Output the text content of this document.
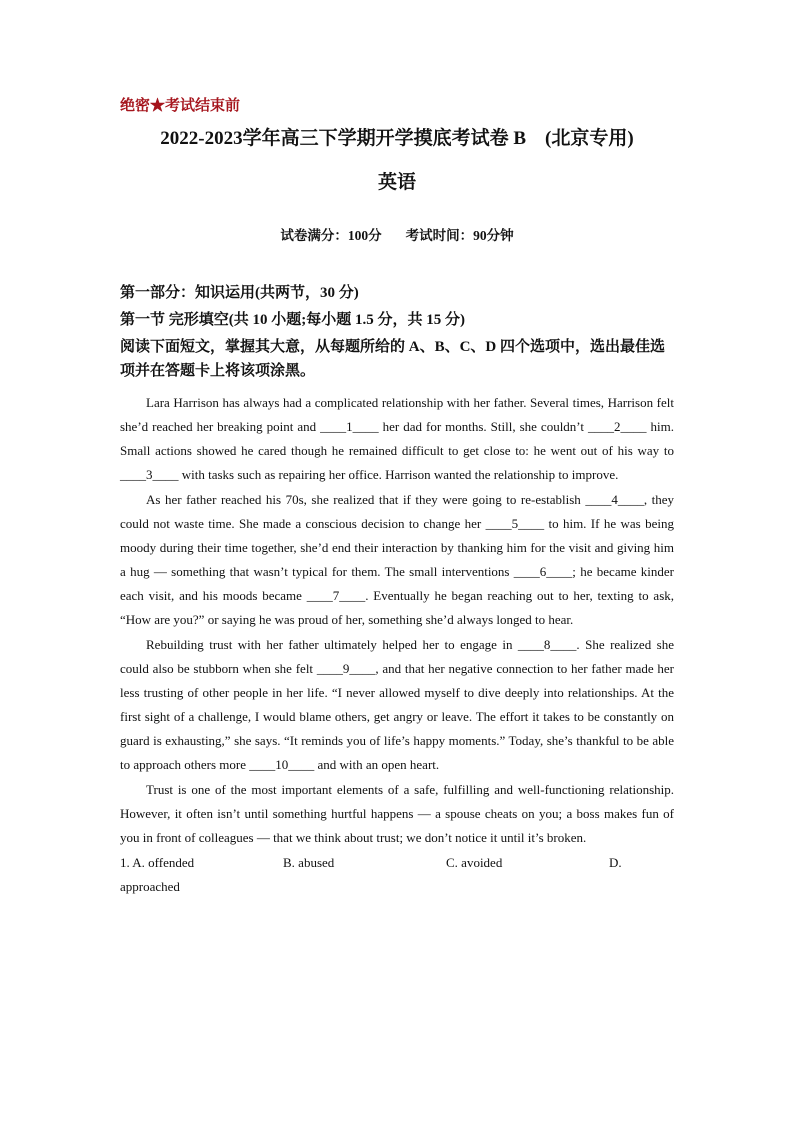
绝密★考试结束前
2022-2023学年高三下学期开学摸底考试卷 B　(北京专用)
英语
试卷满分：100分 考试时间：90分钟
第一部分：知识运用(共两节，30 分)
第一节 完形填空(共 10 小题;每小题 1.5 分，共 15 分)
阅读下面短文，掌握其大意，从每题所给的 A、B、C、D 四个选项中，选出最佳选项并在答题卡上将该项涂黑。

Lara Harrison has always had a complicated relationship with her father. Several times, Harrison felt she’d reached her breaking point and ____1____ her dad for months. Still, she couldn’t ____2____ him. Small actions showed he cared though he remained difficult to get close to: he went out of his way to ____3____ with tasks such as repairing her office. Harrison wanted the relationship to improve.

As her father reached his 70s, she realized that if they were going to re-establish ____4____, they could not waste time. She made a conscious decision to change her ____5____ to him. If he was being moody during their time together, she’d end their interaction by thanking him for the visit and giving him a hug — something that wasn’t typical for them. The small interventions ____6____; he became kinder each visit, and his moods became ____7____. Eventually he began reaching out to her, texting to ask, “How are you?” or saying he was proud of her, something she’d always longed to hear.

Rebuilding trust with her father ultimately helped her to engage in ____8____. She realized she could also be stubborn when she felt ____9____, and that her negative connection to her father made her less trusting of other people in her life. “I never allowed myself to dive deeply into relationships. At the first sight of a challenge, I would blame others, get angry or leave. The effort it takes to be constantly on guard is exhausting,” she says. “It reminds you of life’s happy moments.” Today, she’s thankful to be able to approach others more ____10____ and with an open heart.

Trust is one of the most important elements of a safe, fulfilling and well-functioning relationship. However, it often isn’t until something hurtful happens — a spouse cheats on you; a boss makes fun of you in front of colleagues — that we think about trust; we don’t notice it until it’s broken.

1. A. offended	B. abused	C. avoided	D.
approached
